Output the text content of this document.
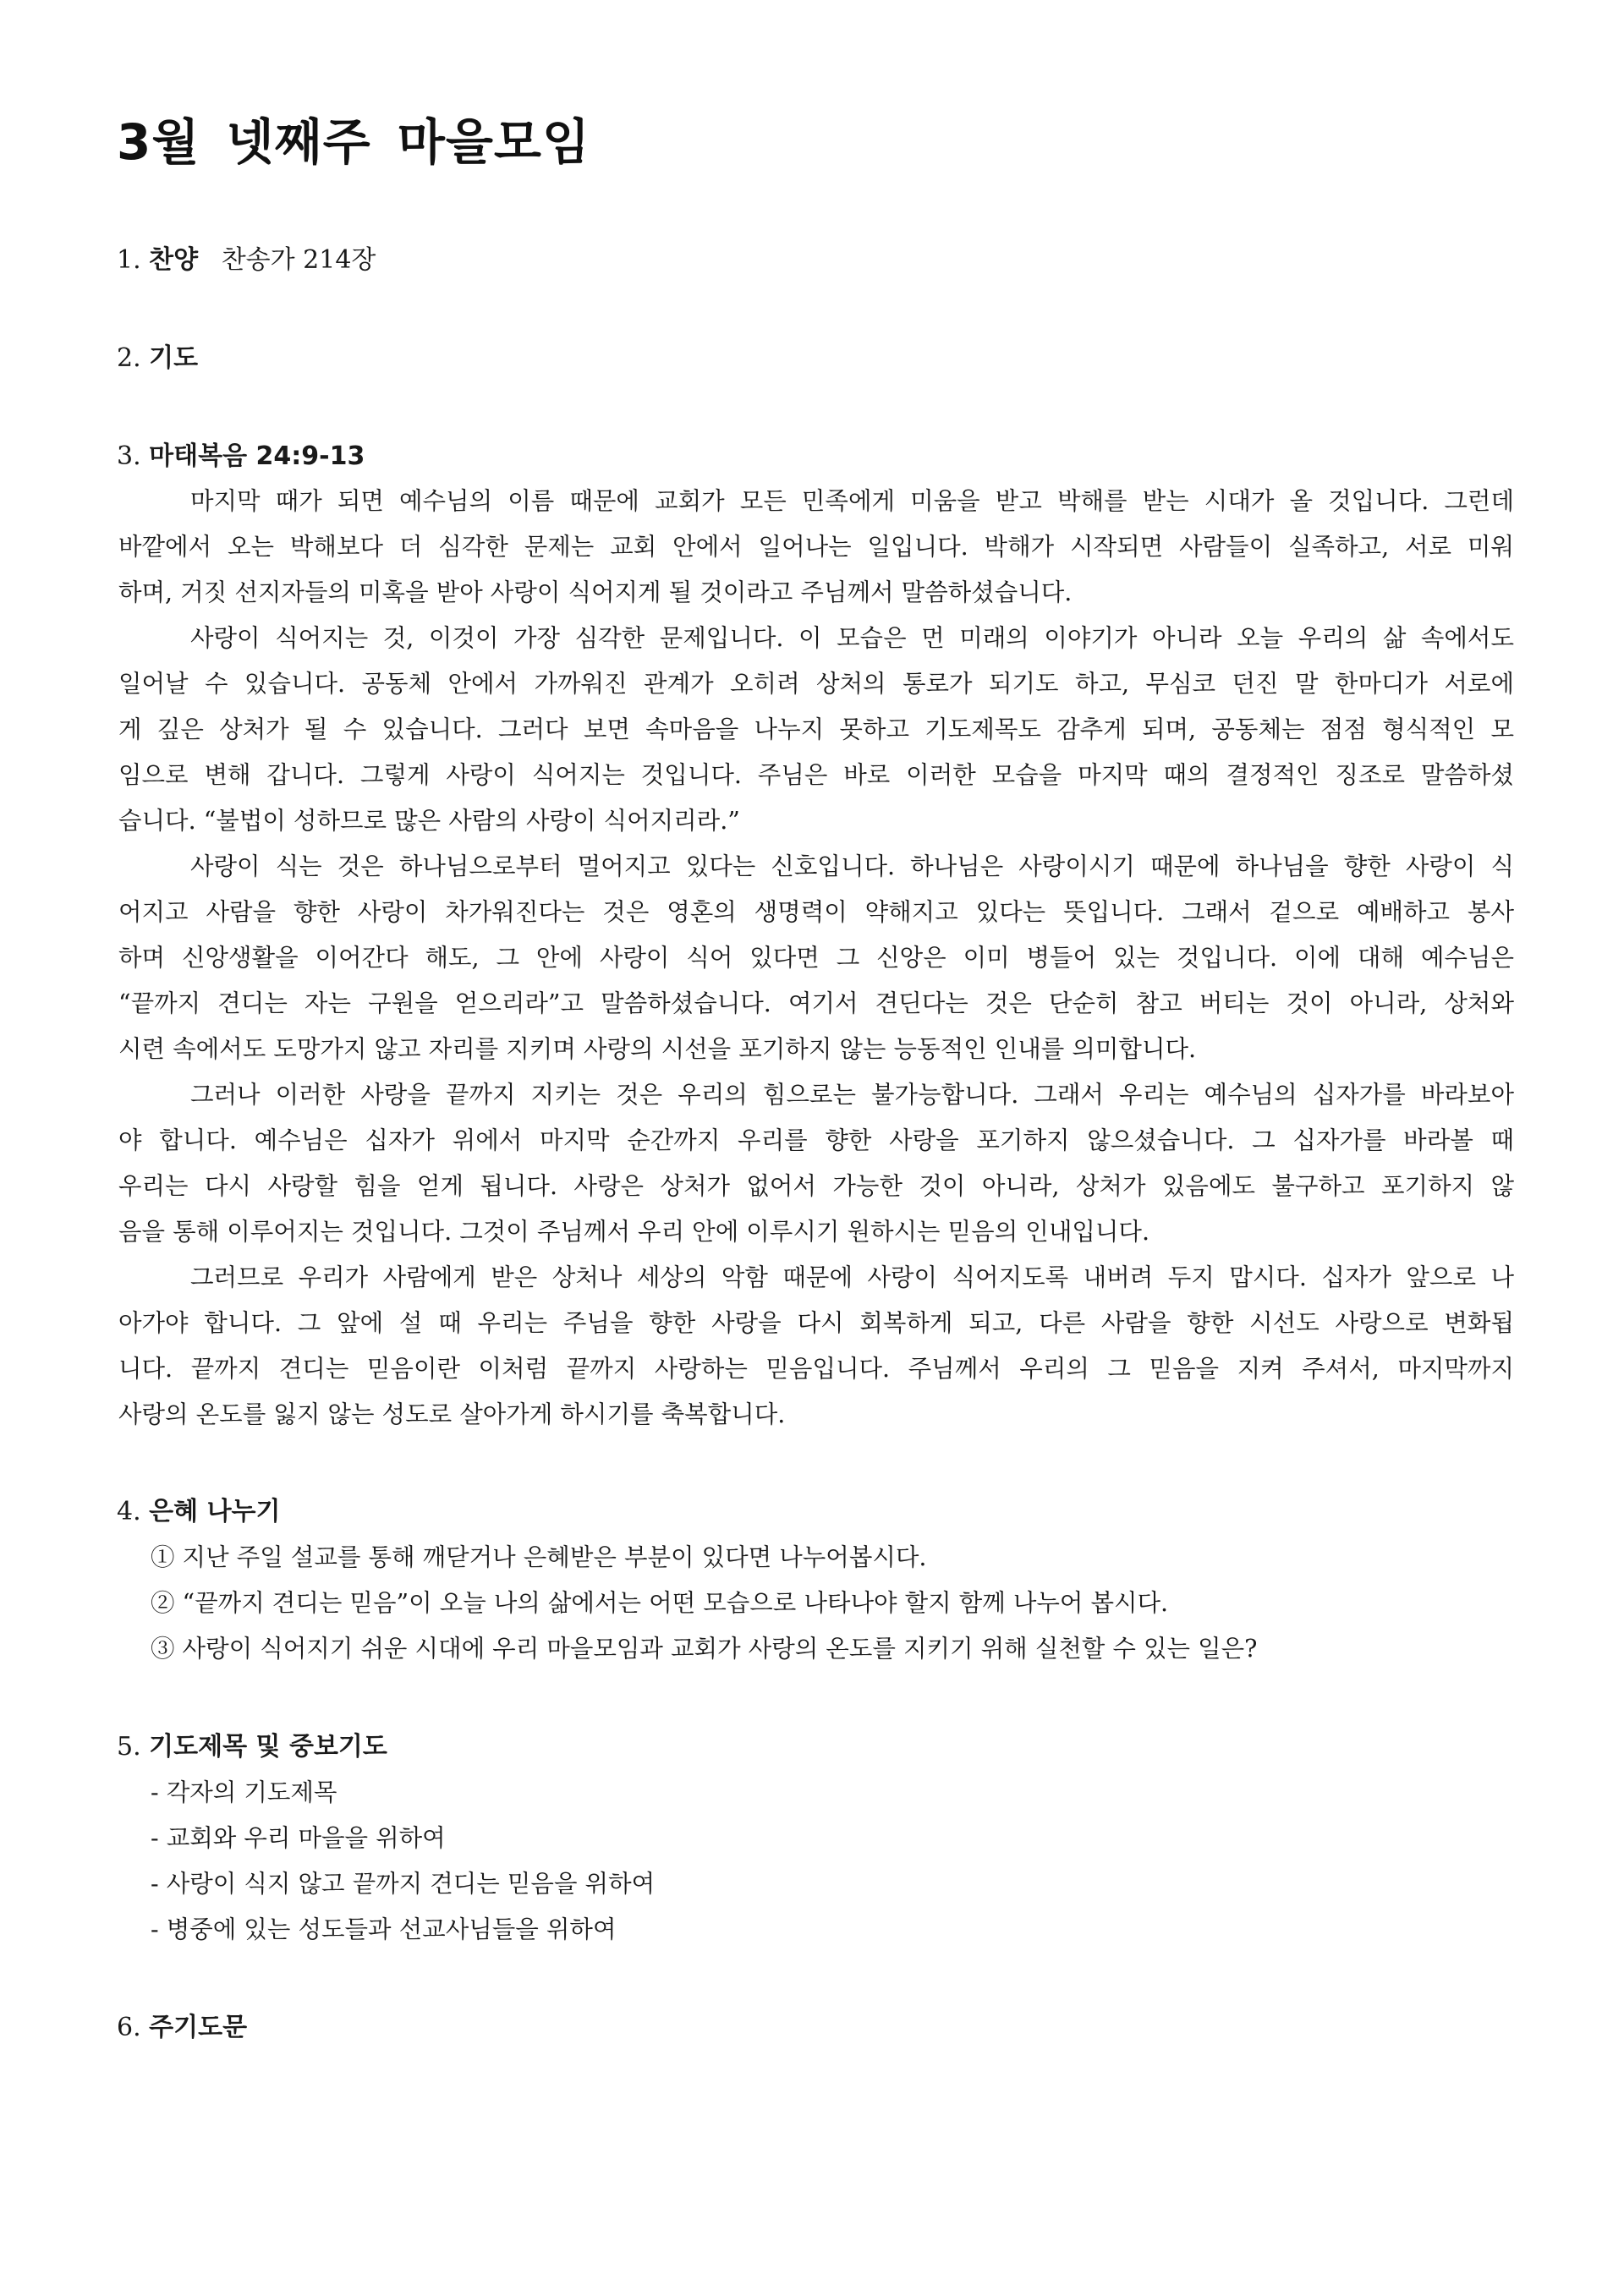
3월 넷째주 마을모임
1. 찬양 찬송가 214장
2. 기도
3. 마태복음 24:9-13
마지막 때가 되면 예수님의 이름 때문에 교회가 모든 민족에게 미움을 받고 박해를 받는 시대가 올 것입니다. 그런데
바깥에서 오는 박해보다 더 심각한 문제는 교회 안에서 일어나는 일입니다. 박해가 시작되면 사람들이 실족하고, 서로 미워
하며, 거짓 선지자들의 미혹을 받아 사랑이 식어지게 될 것이라고 주님께서 말씀하셨습니다.
사랑이 식어지는 것, 이것이 가장 심각한 문제입니다. 이 모습은 먼 미래의 이야기가 아니라 오늘 우리의 삶 속에서도
일어날 수 있습니다. 공동체 안에서 가까워진 관계가 오히려 상처의 통로가 되기도 하고, 무심코 던진 말 한마디가 서로에
게 깊은 상처가 될 수 있습니다. 그러다 보면 속마음을 나누지 못하고 기도제목도 감추게 되며, 공동체는 점점 형식적인 모
임으로 변해 갑니다. 그렇게 사랑이 식어지는 것입니다. 주님은 바로 이러한 모습을 마지막 때의 결정적인 징조로 말씀하셨
습니다. “불법이 성하므로 많은 사람의 사랑이 식어지리라.”
사랑이 식는 것은 하나님으로부터 멀어지고 있다는 신호입니다. 하나님은 사랑이시기 때문에 하나님을 향한 사랑이 식
어지고 사람을 향한 사랑이 차가워진다는 것은 영혼의 생명력이 약해지고 있다는 뜻입니다. 그래서 겉으로 예배하고 봉사
하며 신앙생활을 이어간다 해도, 그 안에 사랑이 식어 있다면 그 신앙은 이미 병들어 있는 것입니다. 이에 대해 예수님은
“끝까지 견디는 자는 구원을 얻으리라”고 말씀하셨습니다. 여기서 견딘다는 것은 단순히 참고 버티는 것이 아니라, 상처와
시련 속에서도 도망가지 않고 자리를 지키며 사랑의 시선을 포기하지 않는 능동적인 인내를 의미합니다.
그러나 이러한 사랑을 끝까지 지키는 것은 우리의 힘으로는 불가능합니다. 그래서 우리는 예수님의 십자가를 바라보아
야 합니다. 예수님은 십자가 위에서 마지막 순간까지 우리를 향한 사랑을 포기하지 않으셨습니다. 그 십자가를 바라볼 때
우리는 다시 사랑할 힘을 얻게 됩니다. 사랑은 상처가 없어서 가능한 것이 아니라, 상처가 있음에도 불구하고 포기하지 않
음을 통해 이루어지는 것입니다. 그것이 주님께서 우리 안에 이루시기 원하시는 믿음의 인내입니다.
그러므로 우리가 사람에게 받은 상처나 세상의 악함 때문에 사랑이 식어지도록 내버려 두지 맙시다. 십자가 앞으로 나
아가야 합니다. 그 앞에 설 때 우리는 주님을 향한 사랑을 다시 회복하게 되고, 다른 사람을 향한 시선도 사랑으로 변화됩
니다. 끝까지 견디는 믿음이란 이처럼 끝까지 사랑하는 믿음입니다. 주님께서 우리의 그 믿음을 지켜 주셔서, 마지막까지
사랑의 온도를 잃지 않는 성도로 살아가게 하시기를 축복합니다.
4. 은혜 나누기
① 지난 주일 설교를 통해 깨닫거나 은혜받은 부분이 있다면 나누어봅시다.
② “끝까지 견디는 믿음”이 오늘 나의 삶에서는 어떤 모습으로 나타나야 할지 함께 나누어 봅시다.
③ 사랑이 식어지기 쉬운 시대에 우리 마을모임과 교회가 사랑의 온도를 지키기 위해 실천할 수 있는 일은?
5. 기도제목 및 중보기도
- 각자의 기도제목
- 교회와 우리 마을을 위하여
- 사랑이 식지 않고 끝까지 견디는 믿음을 위하여
- 병중에 있는 성도들과 선교사님들을 위하여
6. 주기도문
